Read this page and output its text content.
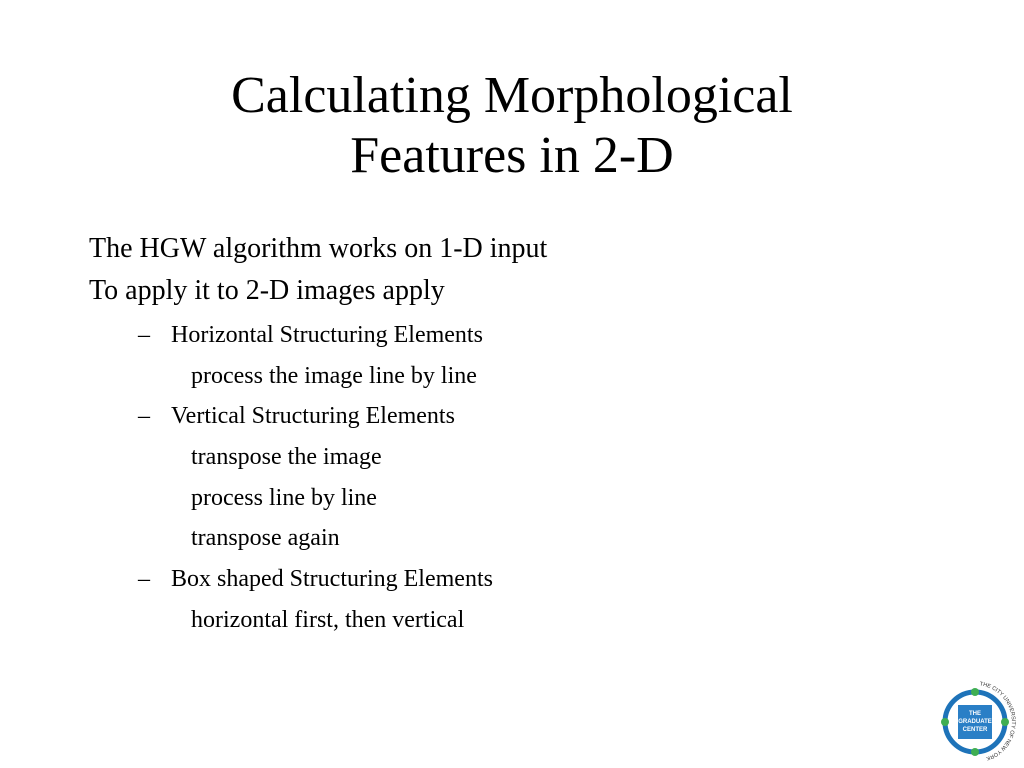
Calculating Morphological
Features in 2-D
The HGW algorithm works on 1-D input
To apply it to 2-D images apply
– Horizontal Structuring Elements
process the image line by line
– Vertical Structuring Elements
transpose the image
process line by line
transpose again
– Box shaped Structuring Elements
horizontal first, then vertical
THE
GRADUATE
CENTER
THE CITY UNIVERSITY OF NEW YORK
